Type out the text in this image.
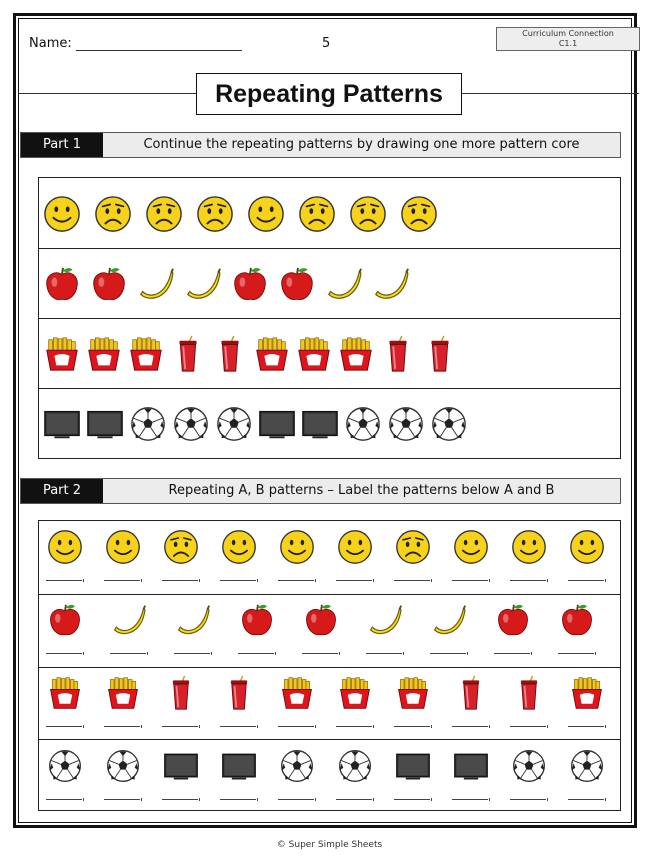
Name:	5
Curriculum Connection
C1.1
Repeating Patterns
Part 1	Continue the repeating patterns by drawing one more pattern core
Part 2	Repeating A, B patterns – Label the patterns below A and B
© Super Simple Sheets
